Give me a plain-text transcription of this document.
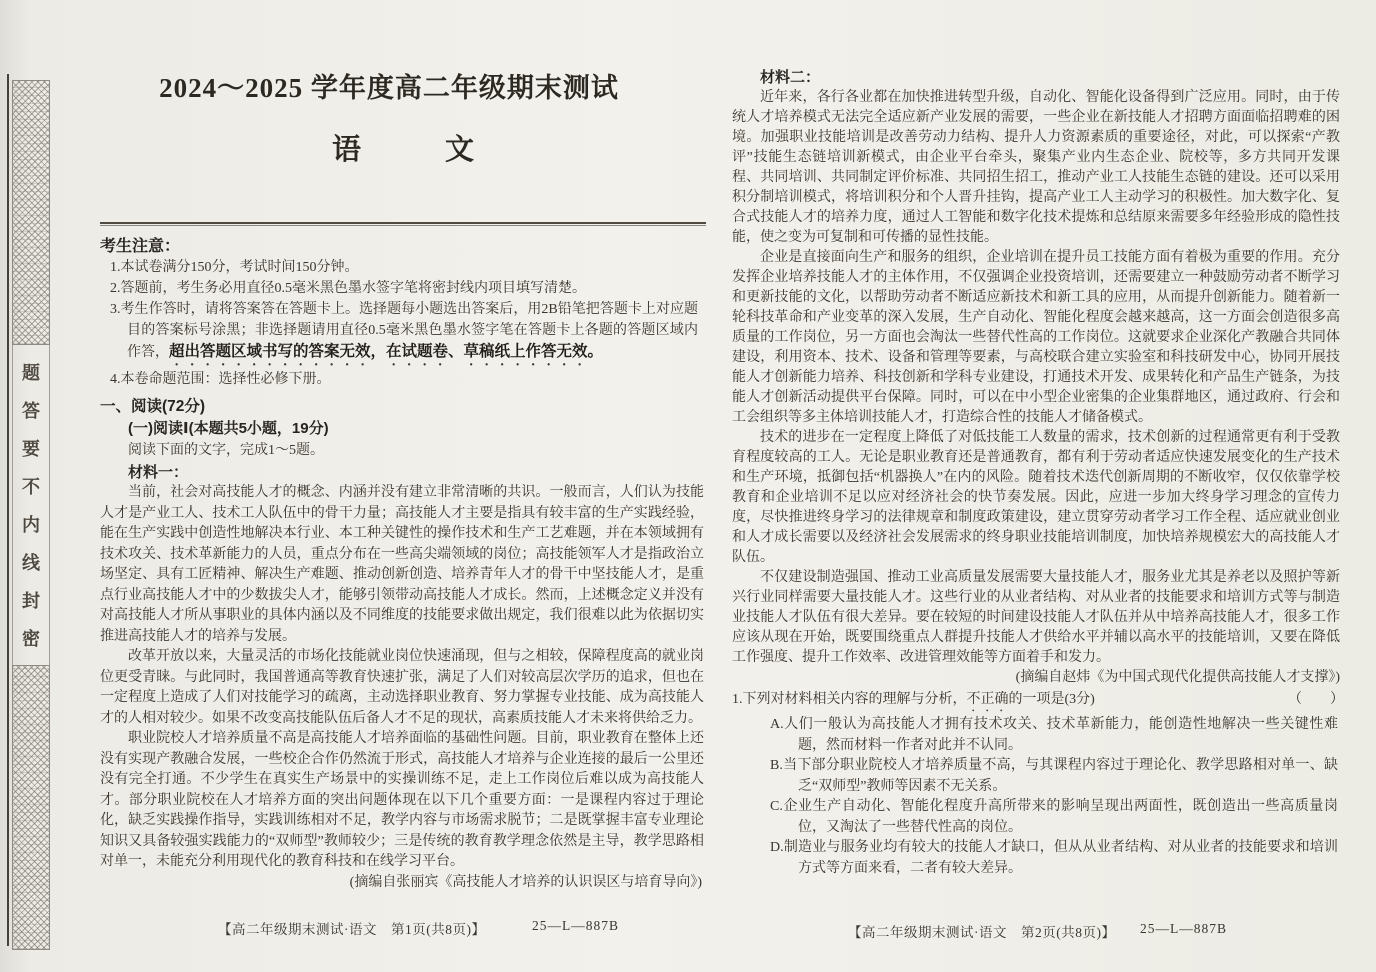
题
答
要
不
内
线
封
密
2024～2025 学年度高二年级期末测试
语	文
考生注意：
1.本试卷满分150分，考试时间150分钟。
2.答题前，考生务必用直径0.5毫米黑色墨水签字笔将密封线内项目填写清楚。
3.考生作答时，请将答案答在答题卡上。选择题每小题选出答案后，用2B铅笔把答题卡上对应题目的答案标号涂黑；非选择题请用直径0.5毫米黑色墨水签字笔在答题卡上各题的答题区域内作答，超出答题区域书写的答案无效，在试题卷、草稿纸上作答无效。
4.本卷命题范围：选择性必修下册。
一、阅读(72分)
(一)阅读Ⅰ(本题共5小题，19分)
阅读下面的文字，完成1～5题。
材料一：

当前，社会对高技能人才的概念、内涵并没有建立非常清晰的共识。一般而言，人们认为技能人才是产业工人、技术工人队伍中的骨干力量；高技能人才主要是指具有较丰富的生产实践经验，能在生产实践中创造性地解决本行业、本工种关键性的操作技术和生产工艺难题，并在本领域拥有技术攻关、技术革新能力的人员，重点分布在一些高尖端领域的岗位；高技能领军人才是指政治立场坚定、具有工匠精神、解决生产难题、推动创新创造、培养青年人才的骨干中坚技能人才，是重点行业高技能人才中的少数拔尖人才，能够引领带动高技能人才成长。然而，上述概念定义并没有对高技能人才所从事职业的具体内涵以及不同维度的技能要求做出规定，我们很难以此为依据切实推进高技能人才的培养与发展。

改革开放以来，大量灵活的市场化技能就业岗位快速涌现，但与之相较，保障程度高的就业岗位更受青睐。与此同时，我国普通高等教育快速扩张，满足了人们对较高层次学历的追求，但也在一定程度上造成了人们对技能学习的疏离，主动选择职业教育、努力掌握专业技能、成为高技能人才的人相对较少。如果不改变高技能队伍后备人才不足的现状，高素质技能人才未来将供给乏力。

职业院校人才培养质量不高是高技能人才培养面临的基础性问题。目前，职业教育在整体上还没有实现产教融合发展，一些校企合作仍然流于形式，高技能人才培养与企业连接的最后一公里还没有完全打通。不少学生在真实生产场景中的实操训练不足，走上工作岗位后难以成为高技能人才。部分职业院校在人才培养方面的突出问题体现在以下几个重要方面：一是课程内容过于理论化，缺乏实践操作指导，实践训练相对不足，教学内容与市场需求脱节；二是既掌握丰富专业理论知识又具备较强实践能力的“双师型”教师较少；三是传统的教育教学理念依然是主导，教学思路相对单一，未能充分利用现代化的教育科技和在线学习平台。

(摘编自张丽宾《高技能人才培养的认识误区与培育导向》)
【高二年级期末测试·语文　第1页(共8页)】	25—L—887B
材料二：

近年来，各行各业都在加快推进转型升级，自动化、智能化设备得到广泛应用。同时，由于传统人才培养模式无法完全适应新产业发展的需要，一些企业在新技能人才招聘方面面临招聘难的困境。加强职业技能培训是改善劳动力结构、提升人力资源素质的重要途径，对此，可以探索“产教评”技能生态链培训新模式，由企业平台牵头，聚集产业内生态企业、院校等，多方共同开发课程、共同培训、共同制定评价标准、共同招生招工，推动产业工人技能生态链的建设。还可以采用积分制培训模式，将培训积分和个人晋升挂钩，提高产业工人主动学习的积极性。加大数字化、复合式技能人才的培养力度，通过人工智能和数字化技术提炼和总结原来需要多年经验形成的隐性技能，使之变为可复制和可传播的显性技能。

企业是直接面向生产和服务的组织，企业培训在提升员工技能方面有着极为重要的作用。充分发挥企业培养技能人才的主体作用，不仅强调企业投资培训，还需要建立一种鼓励劳动者不断学习和更新技能的文化，以帮助劳动者不断适应新技术和新工具的应用，从而提升创新能力。随着新一轮科技革命和产业变革的深入发展，生产自动化、智能化程度会越来越高，这一方面会创造很多高质量的工作岗位，另一方面也会淘汰一些替代性高的工作岗位。这就要求企业深化产教融合共同体建设，利用资本、技术、设备和管理等要素，与高校联合建立实验室和科技研发中心，协同开展技能人才创新能力培养、科技创新和学科专业建设，打通技术开发、成果转化和产品生产链条，为技能人才创新活动提供平台保障。同时，可以在中小型企业密集的企业集群地区，通过政府、行会和工会组织等多主体培训技能人才，打造综合性的技能人才储备模式。

技术的进步在一定程度上降低了对低技能工人数量的需求，技术创新的过程通常更有利于受教育程度较高的工人。无论是职业教育还是普通教育，都有利于劳动者适应快速发展变化的生产技术和生产环境，抵御包括“机器换人”在内的风险。随着技术迭代创新周期的不断收窄，仅仅依靠学校教育和企业培训不足以应对经济社会的快节奏发展。因此，应进一步加大终身学习理念的宣传力度，尽快推进终身学习的法律规章和制度政策建设，建立贯穿劳动者学习工作全程、适应就业创业和人才成长需要以及经济社会发展需求的终身职业技能培训制度，加快培养规模宏大的高技能人才队伍。

不仅建设制造强国、推动工业高质量发展需要大量技能人才，服务业尤其是养老以及照护等新兴行业同样需要大量技能人才。这些行业的从业者结构、对从业者的技能要求和培训方式等与制造业技能人才队伍有很大差异。要在较短的时间建设技能人才队伍并从中培养高技能人才，很多工作应该从现在开始，既要围绕重点人群提升技能人才供给水平并辅以高水平的技能培训，又要在降低工作强度、提升工作效率、改进管理效能等方面着手和发力。

(摘编自赵炜《为中国式现代化提供高技能人才支撑》)
1.下列对材料相关内容的理解与分析，不正确的一项是(3分)	（　　）
A.人们一般认为高技能人才拥有技术攻关、技术革新能力，能创造性地解决一些关键性难题，然而材料一作者对此并不认同。
B.当下部分职业院校人才培养质量不高，与其课程内容过于理论化、教学思路相对单一、缺乏“双师型”教师等因素不无关系。
C.企业生产自动化、智能化程度升高所带来的影响呈现出两面性，既创造出一些高质量岗位，又淘汰了一些替代性高的岗位。
D.制造业与服务业均有较大的技能人才缺口，但从从业者结构、对从业者的技能要求和培训方式等方面来看，二者有较大差异。
【高二年级期末测试·语文　第2页(共8页)】 25—L—887B
